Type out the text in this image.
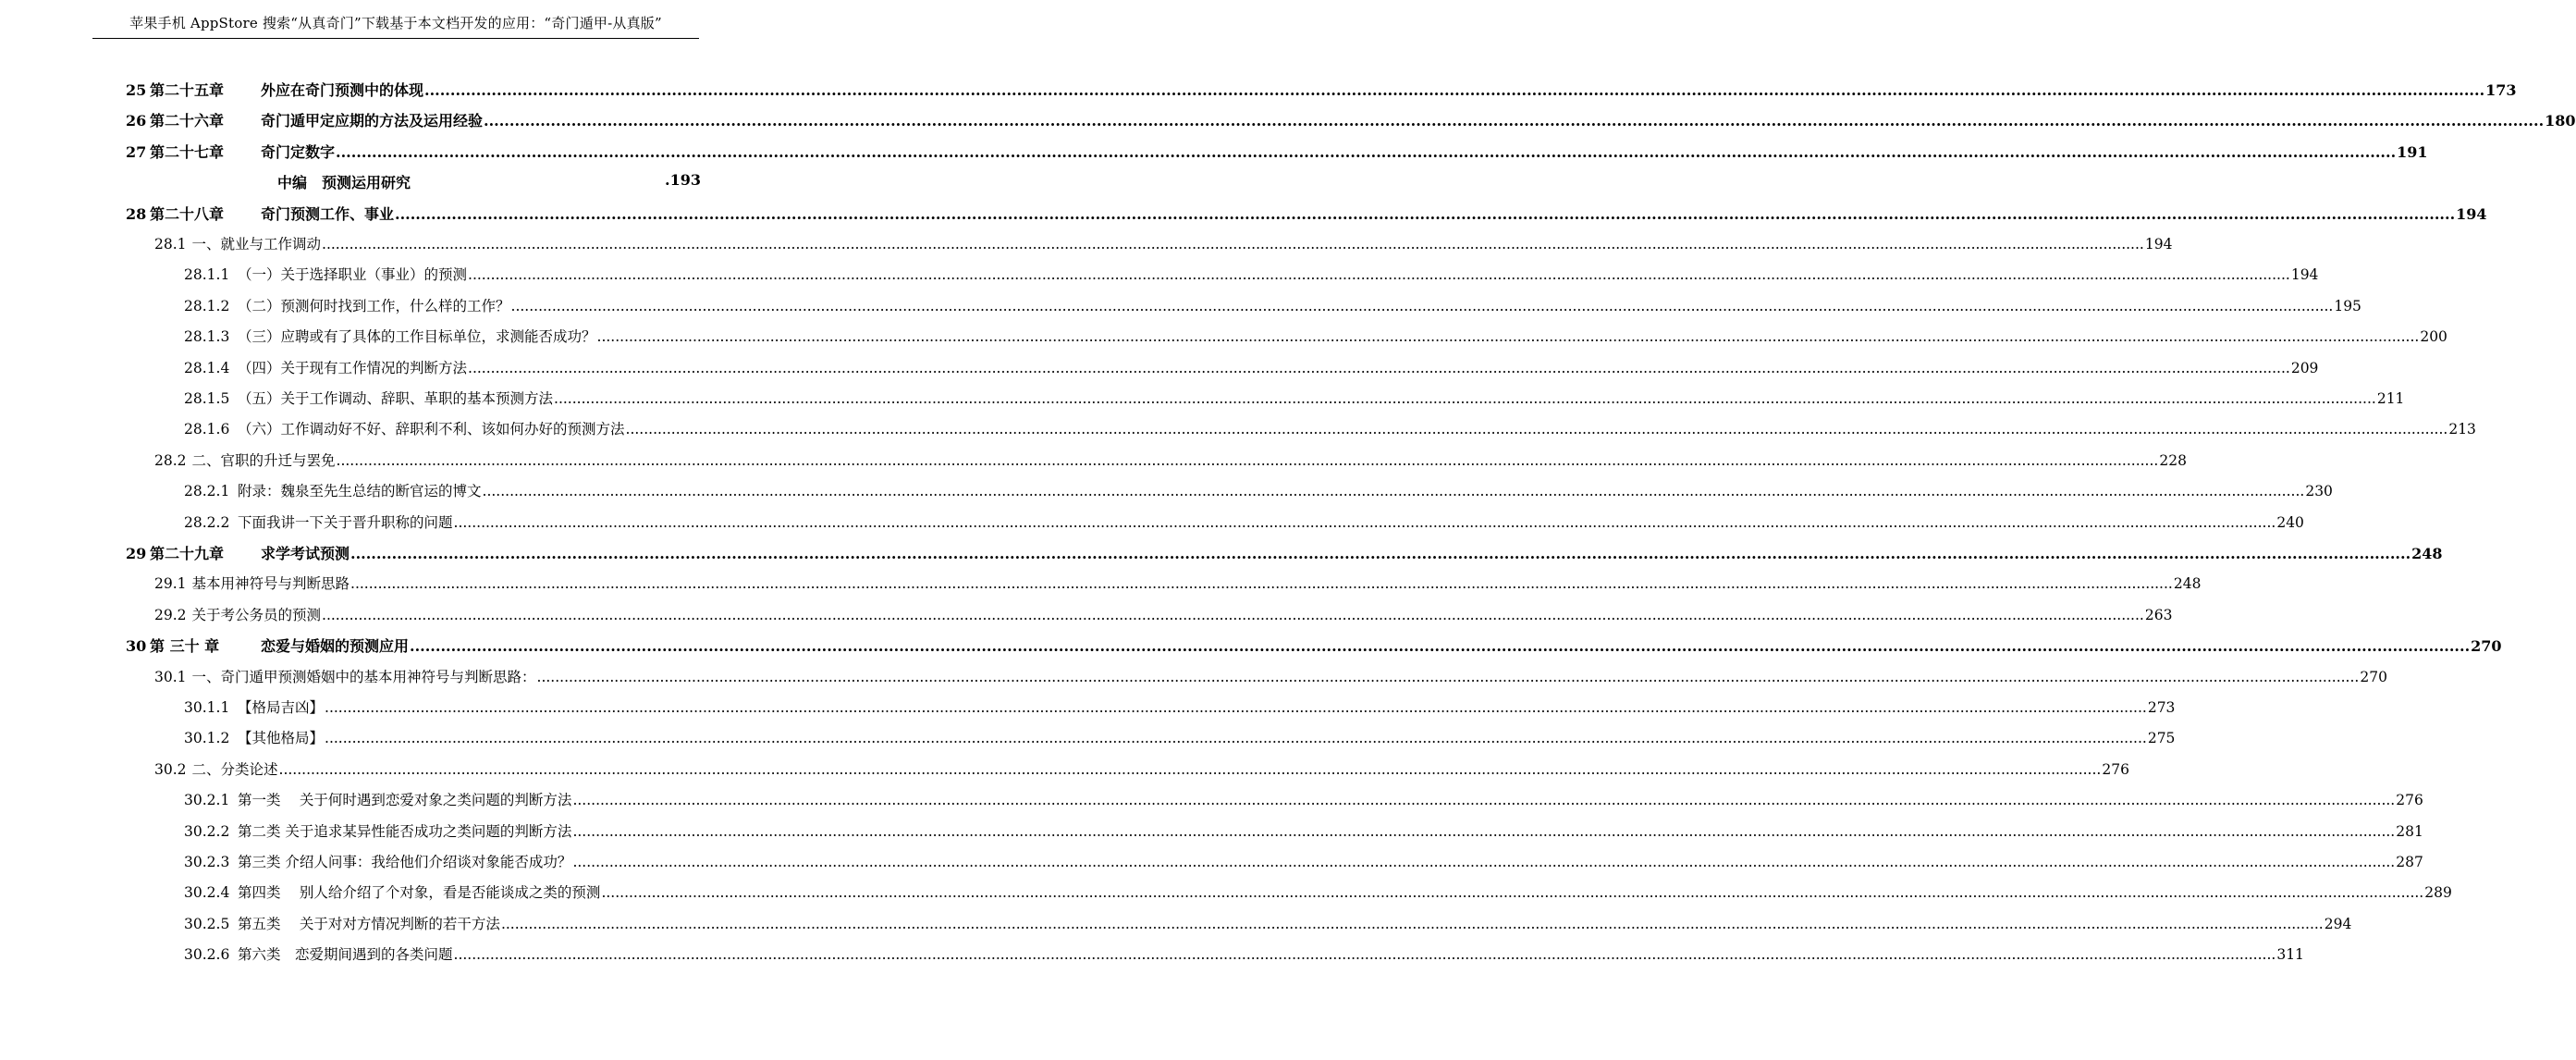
苹果手机 AppStore 搜索“从真奇门”下载基于本文档开发的应用：“奇门遁甲-从真版”
25 第二十五章 外应在奇门预测中的体现 ................................................................................................................................................................................................................................................................................................................................................................................................................ 173
26 第二十六章 奇门遁甲定应期的方法及运用经验 ................................................................................................................................................................................................................................................................................................................................................................................................................ 180
27 第二十七章 奇门定数字 ................................................................................................................................................................................................................................................................................................................................................................................................................ 191
中编　预测运用研究	.193
28 第二十八章 奇门预测工作、事业 ................................................................................................................................................................................................................................................................................................................................................................................................................ 194
28.1 一、就业与工作调动 ................................................................................................................................................................................................................................................................................................................................................................................................................ 194
28.1.1 （一）关于选择职业（事业）的预测 ................................................................................................................................................................................................................................................................................................................................................................................................................ 194
28.1.2 （二）预测何时找到工作，什么样的工作？ ................................................................................................................................................................................................................................................................................................................................................................................................................ 195
28.1.3 （三）应聘或有了具体的工作目标单位，求测能否成功？ ................................................................................................................................................................................................................................................................................................................................................................................................................ 200
28.1.4 （四）关于现有工作情况的判断方法 ................................................................................................................................................................................................................................................................................................................................................................................................................ 209
28.1.5 （五）关于工作调动、辞职、革职的基本预测方法 ................................................................................................................................................................................................................................................................................................................................................................................................................ 211
28.1.6 （六）工作调动好不好、辞职利不利、该如何办好的预测方法 ................................................................................................................................................................................................................................................................................................................................................................................................................ 213
28.2 二、官职的升迁与罢免 ................................................................................................................................................................................................................................................................................................................................................................................................................ 228
28.2.1 附录：魏泉至先生总结的断官运的博文 ................................................................................................................................................................................................................................................................................................................................................................................................................ 230
28.2.2 下面我讲一下关于晋升职称的问题 ................................................................................................................................................................................................................................................................................................................................................................................................................ 240
29 第二十九章 求学考试预测 ................................................................................................................................................................................................................................................................................................................................................................................................................ 248
29.1 基本用神符号与判断思路 ................................................................................................................................................................................................................................................................................................................................................................................................................ 248
29.2 关于考公务员的预测 ................................................................................................................................................................................................................................................................................................................................................................................................................ 263
30 第 三十 章	恋爱与婚姻的预测应用 ................................................................................................................................................................................................................................................................................................................................................................................................................ 270
30.1 一、奇门遁甲预测婚姻中的基本用神符号与判断思路： ................................................................................................................................................................................................................................................................................................................................................................................................................ 270
30.1.1 【格局吉凶】 ................................................................................................................................................................................................................................................................................................................................................................................................................ 273
30.1.2 【其他格局】 ................................................................................................................................................................................................................................................................................................................................................................................................................ 275
30.2 二、分类论述 ................................................................................................................................................................................................................................................................................................................................................................................................................ 276
30.2.1 第一类　 关于何时遇到恋爱对象之类问题的判断方法 ................................................................................................................................................................................................................................................................................................................................................................................................................ 276
30.2.2 第二类 关于追求某异性能否成功之类问题的判断方法 ................................................................................................................................................................................................................................................................................................................................................................................................................ 281
30.2.3 第三类 介绍人问事：我给他们介绍谈对象能否成功？ ................................................................................................................................................................................................................................................................................................................................................................................................................ 287
30.2.4 第四类　 别人给介绍了个对象，看是否能谈成之类的预测 ................................................................................................................................................................................................................................................................................................................................................................................................................ 289
30.2.5 第五类　 关于对对方情况判断的若干方法 ................................................................................................................................................................................................................................................................................................................................................................................................................ 294
30.2.6 第六类　恋爱期间遇到的各类问题 ................................................................................................................................................................................................................................................................................................................................................................................................................ 311
